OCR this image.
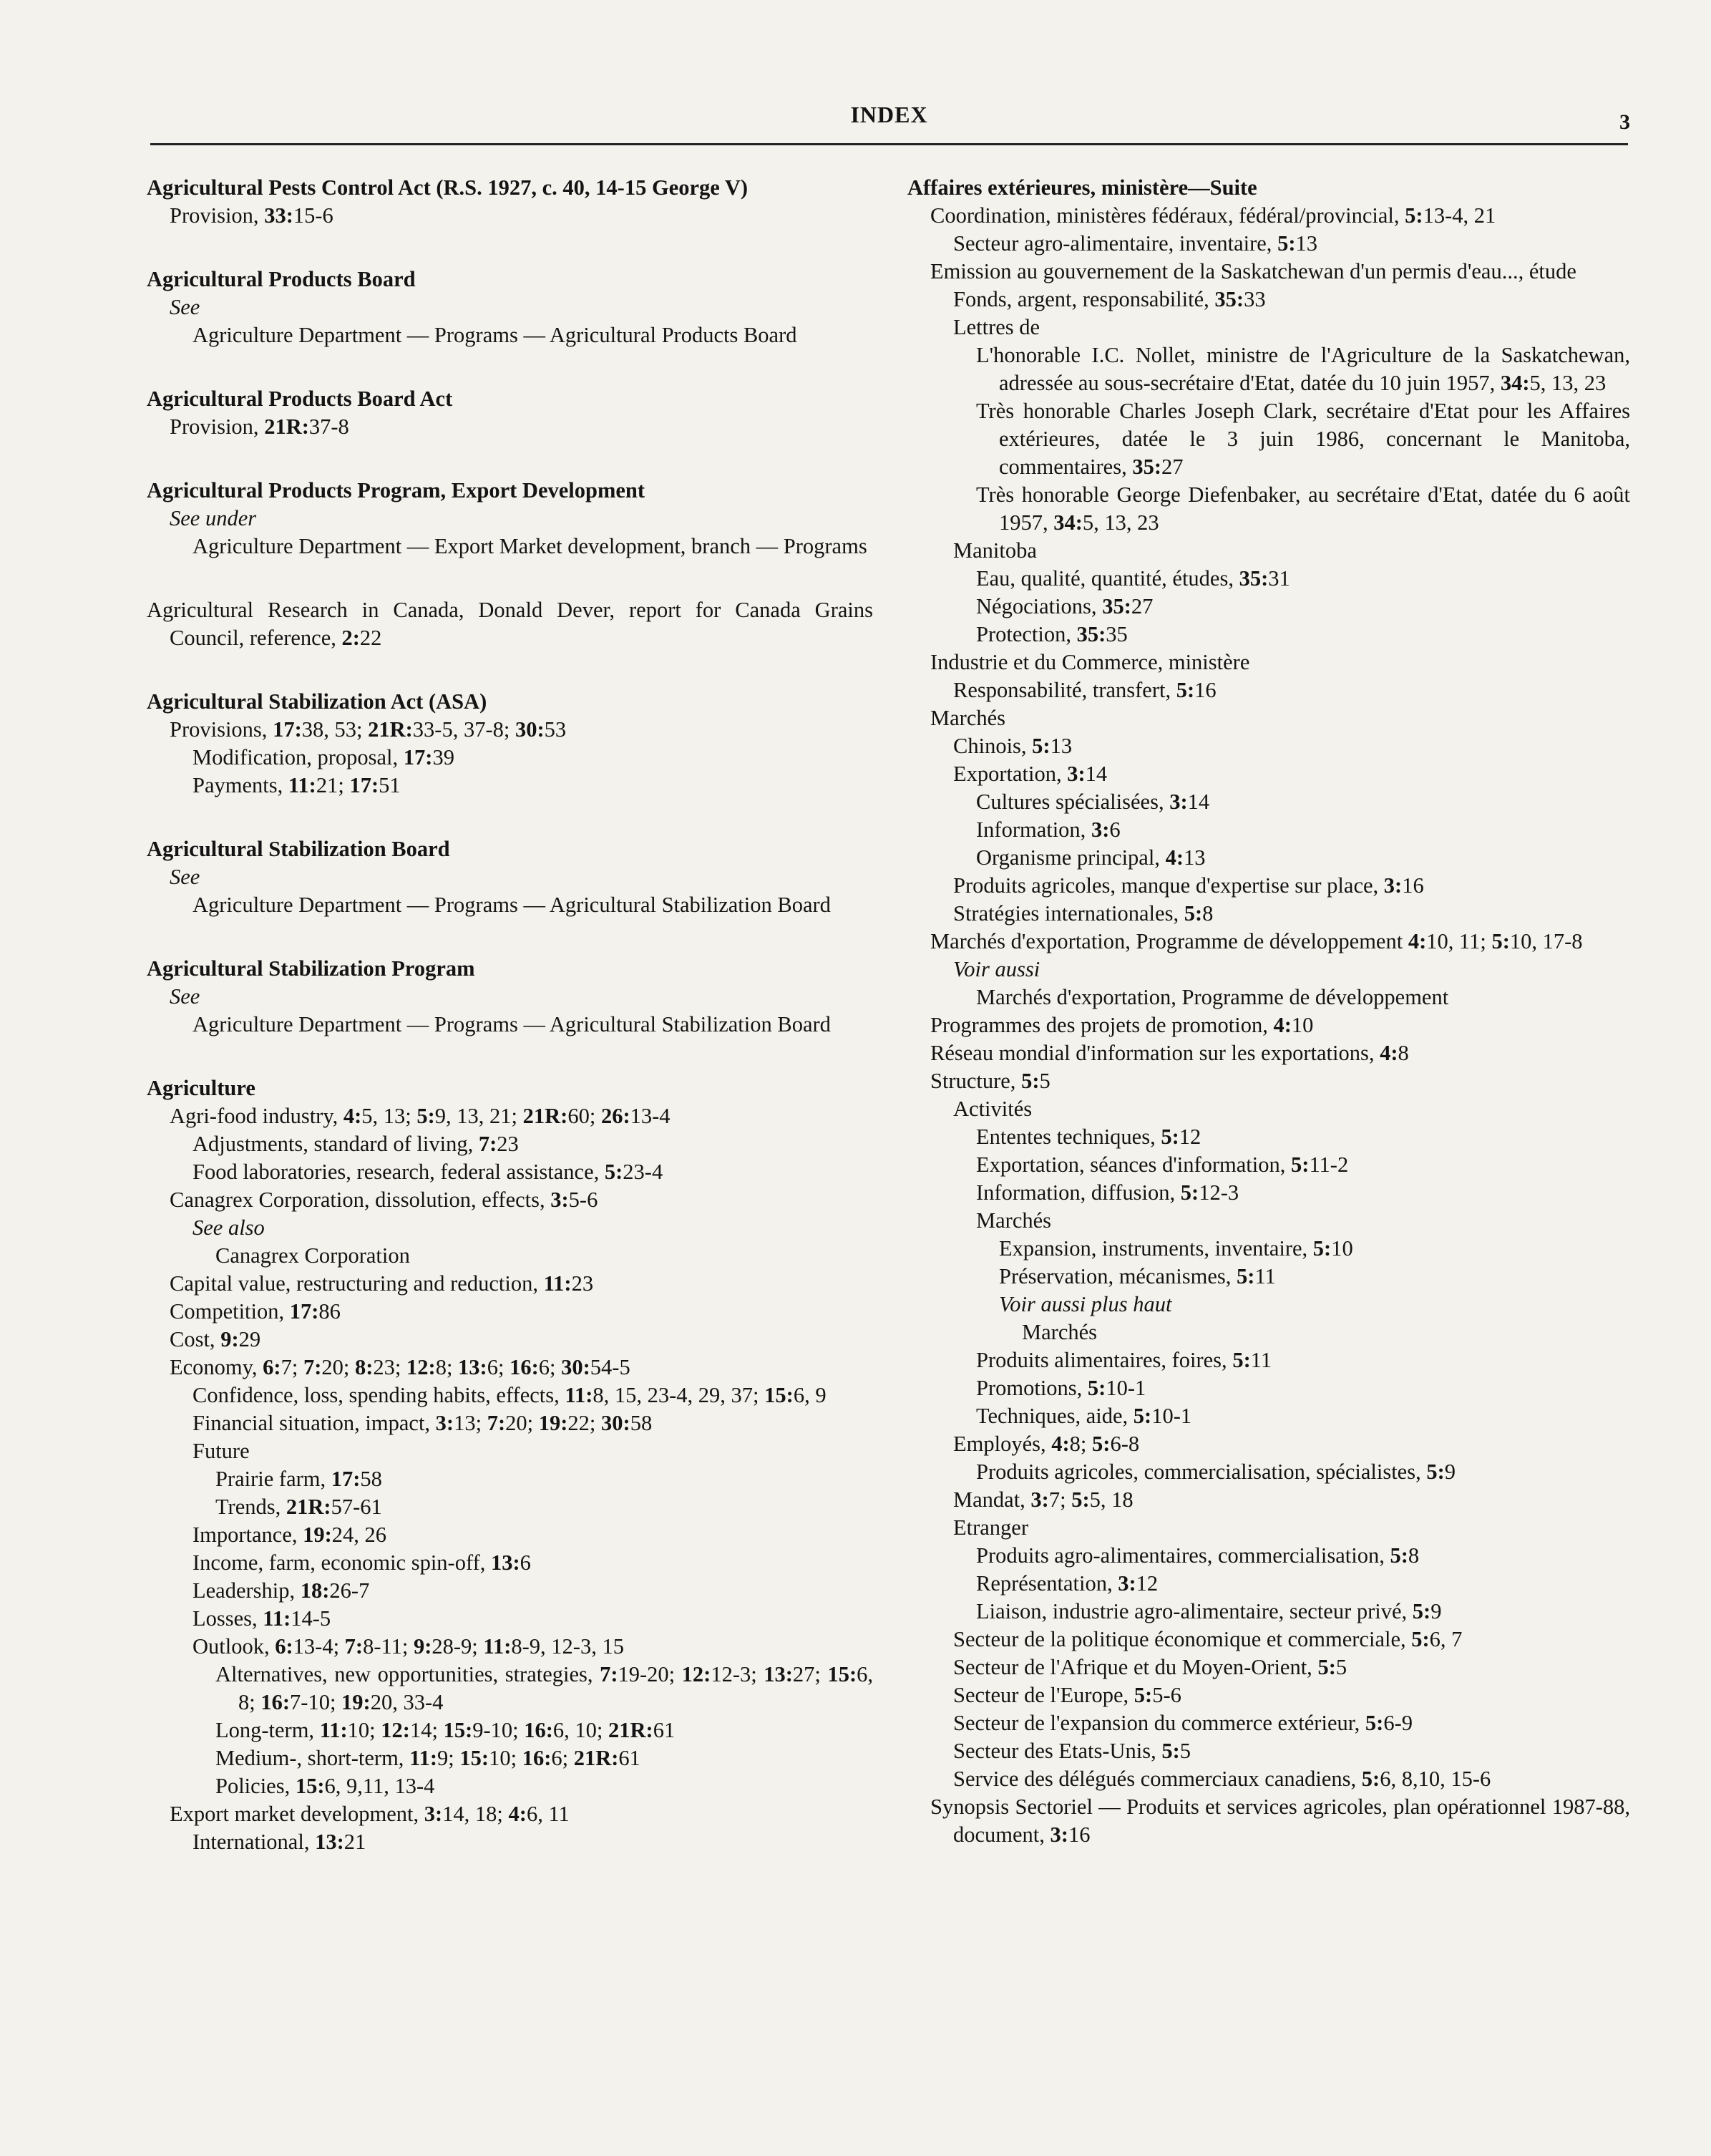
INDEX	3

Agricultural Pests Control Act (R.S. 1927, c. 40, 14-15 George V)

Provision, 33:15-6

Agricultural Products Board

See

Agriculture Department — Programs — Agricultural Products Board

Agricultural Products Board Act

Provision, 21R:37-8

Agricultural Products Program, Export Development

See under

Agriculture Department — Export Market development, branch — Programs

Agricultural Research in Canada, Donald Dever, report for Canada Grains Council, reference, 2:22

Agricultural Stabilization Act (ASA)

Provisions, 17:38, 53; 21R:33-5, 37-8; 30:53

Modification, proposal, 17:39

Payments, 11:21; 17:51

Agricultural Stabilization Board

See

Agriculture Department — Programs — Agricultural Stabilization Board

Agricultural Stabilization Program

See

Agriculture Department — Programs — Agricultural Stabilization Board

Agriculture

Agri-food industry, 4:5, 13; 5:9, 13, 21; 21R:60; 26:13-4

Adjustments, standard of living, 7:23

Food laboratories, research, federal assistance, 5:23-4

Canagrex Corporation, dissolution, effects, 3:5-6

See also

Canagrex Corporation

Capital value, restructuring and reduction, 11:23

Competition, 17:86

Cost, 9:29

Economy, 6:7; 7:20; 8:23; 12:8; 13:6; 16:6; 30:54-5

Confidence, loss, spending habits, effects, 11:8, 15, 23-4, 29, 37; 15:6, 9

Financial situation, impact, 3:13; 7:20; 19:22; 30:58

Future

Prairie farm, 17:58

Trends, 21R:57-61

Importance, 19:24, 26

Income, farm, economic spin-off, 13:6

Leadership, 18:26-7

Losses, 11:14-5

Outlook, 6:13-4; 7:8-11; 9:28-9; 11:8-9, 12-3, 15

Alternatives, new opportunities, strategies, 7:19-20; 12:12-3; 13:27; 15:6, 8; 16:7-10; 19:20, 33-4

Long-term, 11:10; 12:14; 15:9-10; 16:6, 10; 21R:61

Medium-, short-term, 11:9; 15:10; 16:6; 21R:61

Policies, 15:6, 9,11, 13-4

Export market development, 3:14, 18; 4:6, 11

International, 13:21

Affaires extérieures, ministère—Suite

Coordination, ministères fédéraux, fédéral/provincial, 5:13-4, 21

Secteur agro-alimentaire, inventaire, 5:13

Emission au gouvernement de la Saskatchewan d'un permis d'eau..., étude

Fonds, argent, responsabilité, 35:33

Lettres de

L'honorable I.C. Nollet, ministre de l'Agriculture de la Saskatchewan, adressée au sous-secrétaire d'Etat, datée du 10 juin 1957, 34:5, 13, 23

Très honorable Charles Joseph Clark, secrétaire d'Etat pour les Affaires extérieures, datée le 3 juin 1986, concernant le Manitoba, commentaires, 35:27

Très honorable George Diefenbaker, au secrétaire d'Etat, datée du 6 août 1957, 34:5, 13, 23

Manitoba

Eau, qualité, quantité, études, 35:31

Négociations, 35:27

Protection, 35:35

Industrie et du Commerce, ministère

Responsabilité, transfert, 5:16

Marchés

Chinois, 5:13

Exportation, 3:14

Cultures spécialisées, 3:14

Information, 3:6

Organisme principal, 4:13

Produits agricoles, manque d'expertise sur place, 3:16

Stratégies internationales, 5:8

Marchés d'exportation, Programme de développement 4:10, 11; 5:10, 17-8

Voir aussi

Marchés d'exportation, Programme de développement

Programmes des projets de promotion, 4:10

Réseau mondial d'information sur les exportations, 4:8

Structure, 5:5

Activités

Ententes techniques, 5:12

Exportation, séances d'information, 5:11-2

Information, diffusion, 5:12-3

Marchés

Expansion, instruments, inventaire, 5:10

Préservation, mécanismes, 5:11

Voir aussi plus haut

Marchés

Produits alimentaires, foires, 5:11

Promotions, 5:10-1

Techniques, aide, 5:10-1

Employés, 4:8; 5:6-8

Produits agricoles, commercialisation, spécialistes, 5:9

Mandat, 3:7; 5:5, 18

Etranger

Produits agro-alimentaires, commercialisation, 5:8

Représentation, 3:12

Liaison, industrie agro-alimentaire, secteur privé, 5:9

Secteur de la politique économique et commerciale, 5:6, 7

Secteur de l'Afrique et du Moyen-Orient, 5:5

Secteur de l'Europe, 5:5-6

Secteur de l'expansion du commerce extérieur, 5:6-9

Secteur des Etats-Unis, 5:5

Service des délégués commerciaux canadiens, 5:6, 8,10, 15-6

Synopsis Sectoriel — Produits et services agricoles, plan opérationnel 1987-88, document, 3:16
